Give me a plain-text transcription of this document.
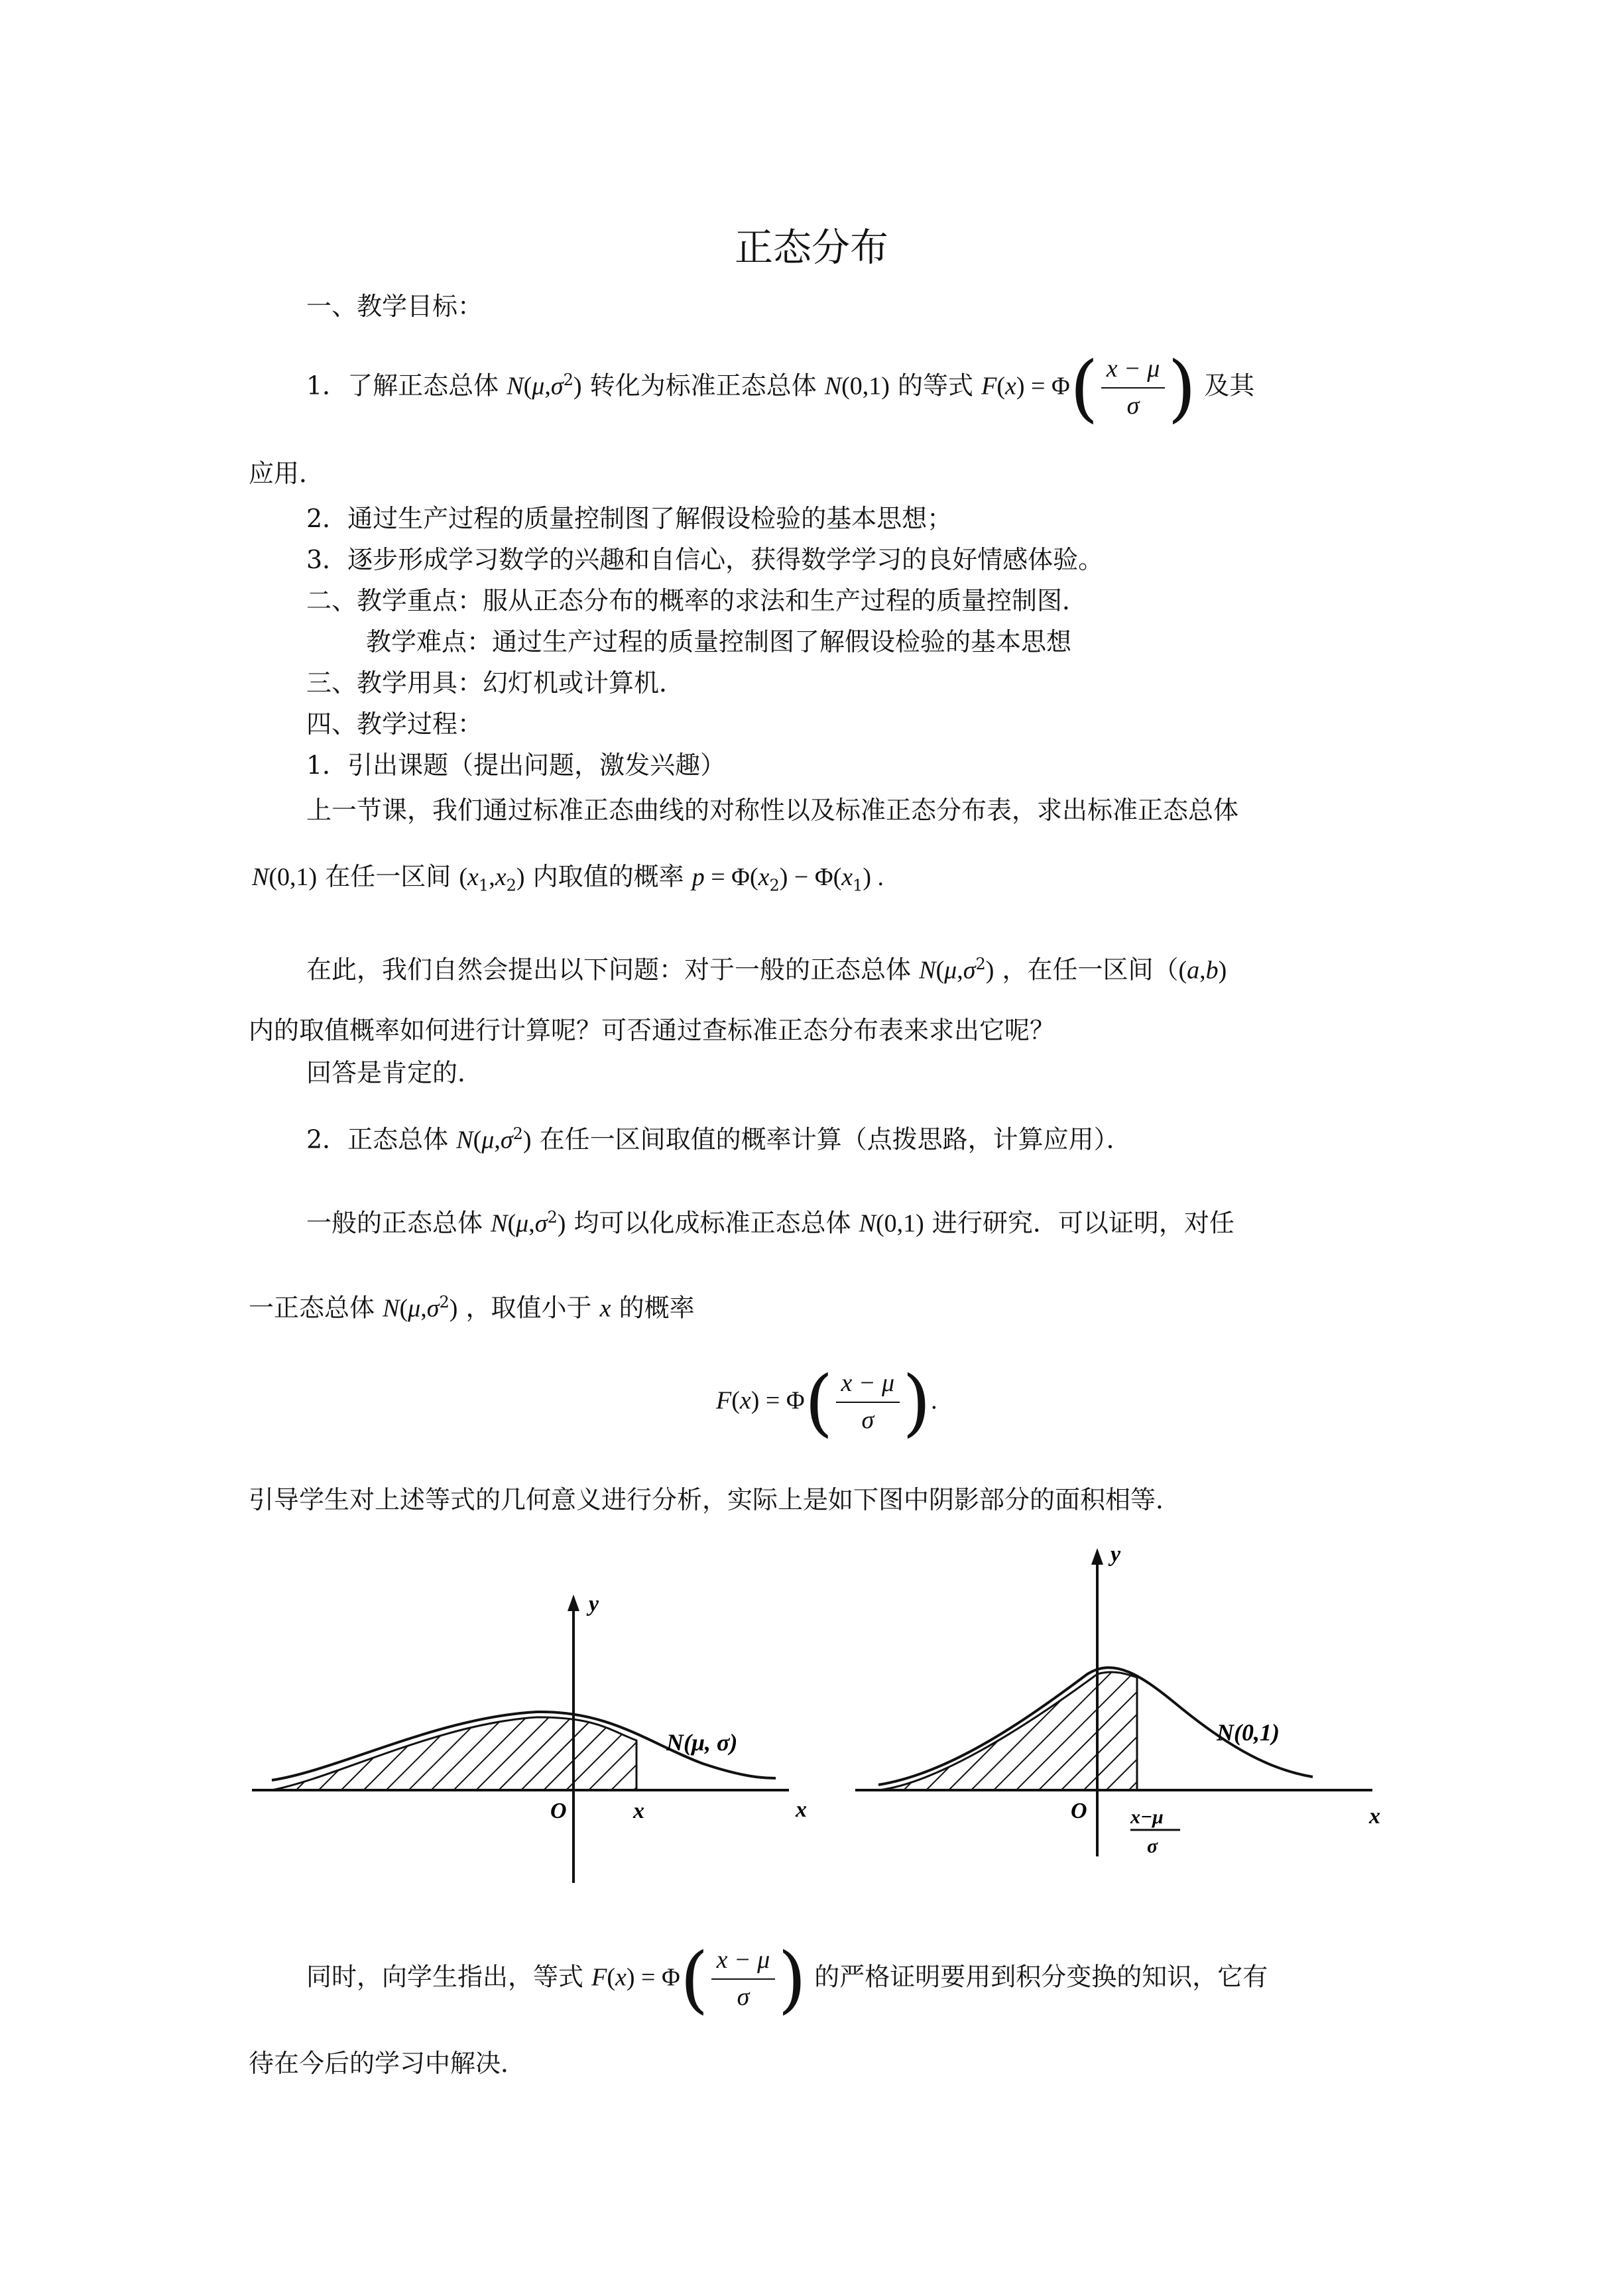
正态分布
一、教学目标：
1．了解正态总体 $N(\mu,\sigma^2)$ 转化为标准正态总体 N(0,1) 的等式 $F(x) = \Phi( \frac{x - \mu}{\sigma}$ ) 及其
应用．
2．通过生产过程的质量控制图了解假设检验的基本思想；
3．逐步形成学习数学的兴趣和自信心，获得数学学习的良好情感体验。
二、教学重点：服从正态分布的概率的求法和生产过程的质量控制图．
教学难点：通过生产过程的质量控制图了解假设检验的基本思想
三、教学用具：幻灯机或计算机．
四、教学过程：
1．引出课题（提出问题，激发兴趣）
上一节课，我们通过标准正态曲线的对称性以及标准正态分布表，求出标准正态总体
N(0,1) 在任一区间 $(x_1,x_2)$ 内取值的概率 $p = \Phi(x_2) - \Phi(x_1)$ .
在此，我们自然会提出以下问题：对于一般的正态总体 $N(\mu,\sigma^2)$ ，在任一区间（(a,b)
内的取值概率如何进行计算呢？可否通过查标准正态分布表来求出它呢？
回答是肯定的．
2．正态总体 $N(\mu,\sigma^2)$ 在任一区间取值的概率计算（点拨思路，计算应用）．
一般的正态总体 $N(\mu,\sigma^2)$ 均可以化成标准正态总体 N(0,1) 进行研究．可以证明，对任
一正态总体 $N(\mu,\sigma^2)$ ，取值小于 x 的概率
$F(x) = \Phi( \frac{x - \mu}{\sigma}$ ).
引导学生对上述等式的几何意义进行分析，实际上是如下图中阴影部分的面积相等．
y
x
O	x
N(μ, σ)
y
x
O x−μ
σ
N(0,1)
同时，向学生指出，等式 $F(x) = \Phi( \frac{x - \mu}{\sigma}$ ) 的严格证明要用到积分变换的知识，它有
待在今后的学习中解决．
